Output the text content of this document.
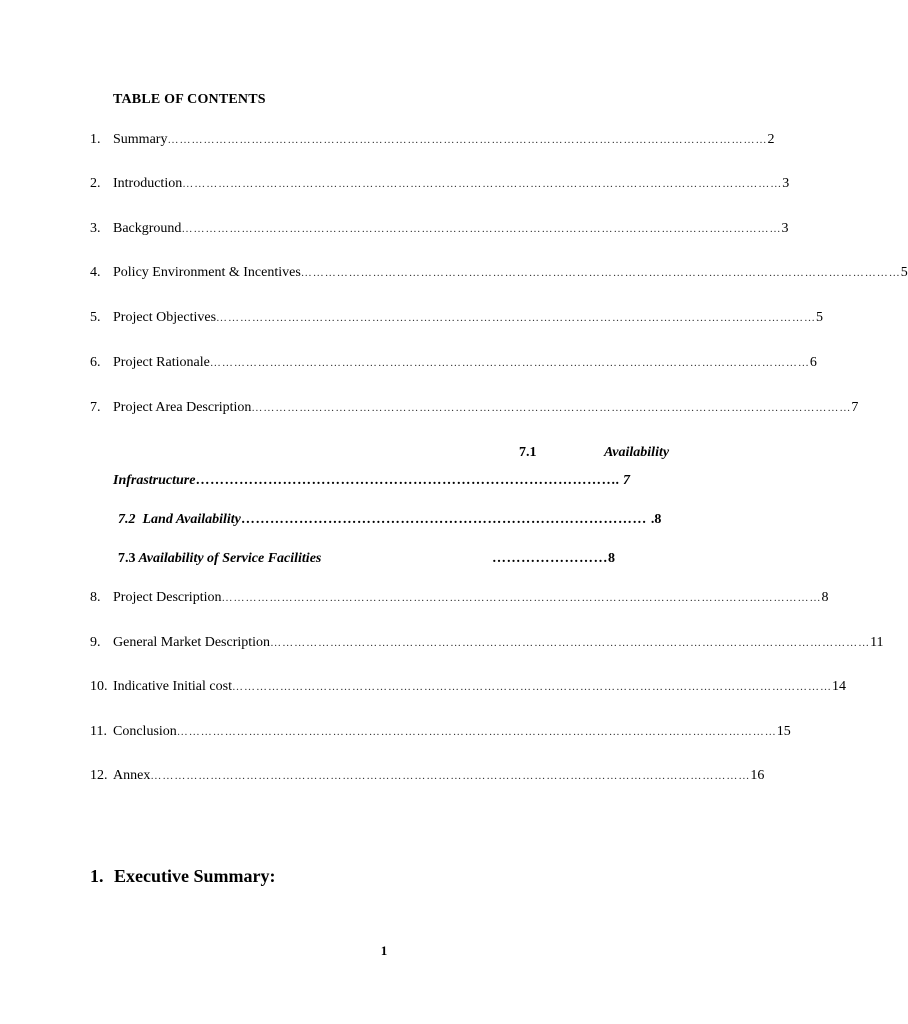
TABLE OF CONTENTS
1. Summary …………………………………………………………………………………………………………………………………… 2
2. Introduction …………………………………………………………………………………………………………………………………… 3
3. Background …………………………………………………………………………………………………………………………………… 3
4. Policy Environment & Incentives …………………………………………………………………………………………………………………………………… 5
5. Project Objectives …………………………………………………………………………………………………………………………………… 5
6. Project Rationale …………………………………………………………………………………………………………………………………… 6
7. Project Area Description …………………………………………………………………………………………………………………………………… 7
7.1	Availability
Infrastructure……………………………………………………………………………. 7
7.2 Land Availability………………………………………………………………………… .8
7.3 Availability of Service Facilities	……………………8
8. Project Description …………………………………………………………………………………………………………………………………… 8
9. General Market Description …………………………………………………………………………………………………………………………………… 11
10. Indicative Initial cost …………………………………………………………………………………………………………………………………… 14
11. Conclusion …………………………………………………………………………………………………………………………………… 15
12. Annex …………………………………………………………………………………………………………………………………… 16
1. Executive Summary:
1
